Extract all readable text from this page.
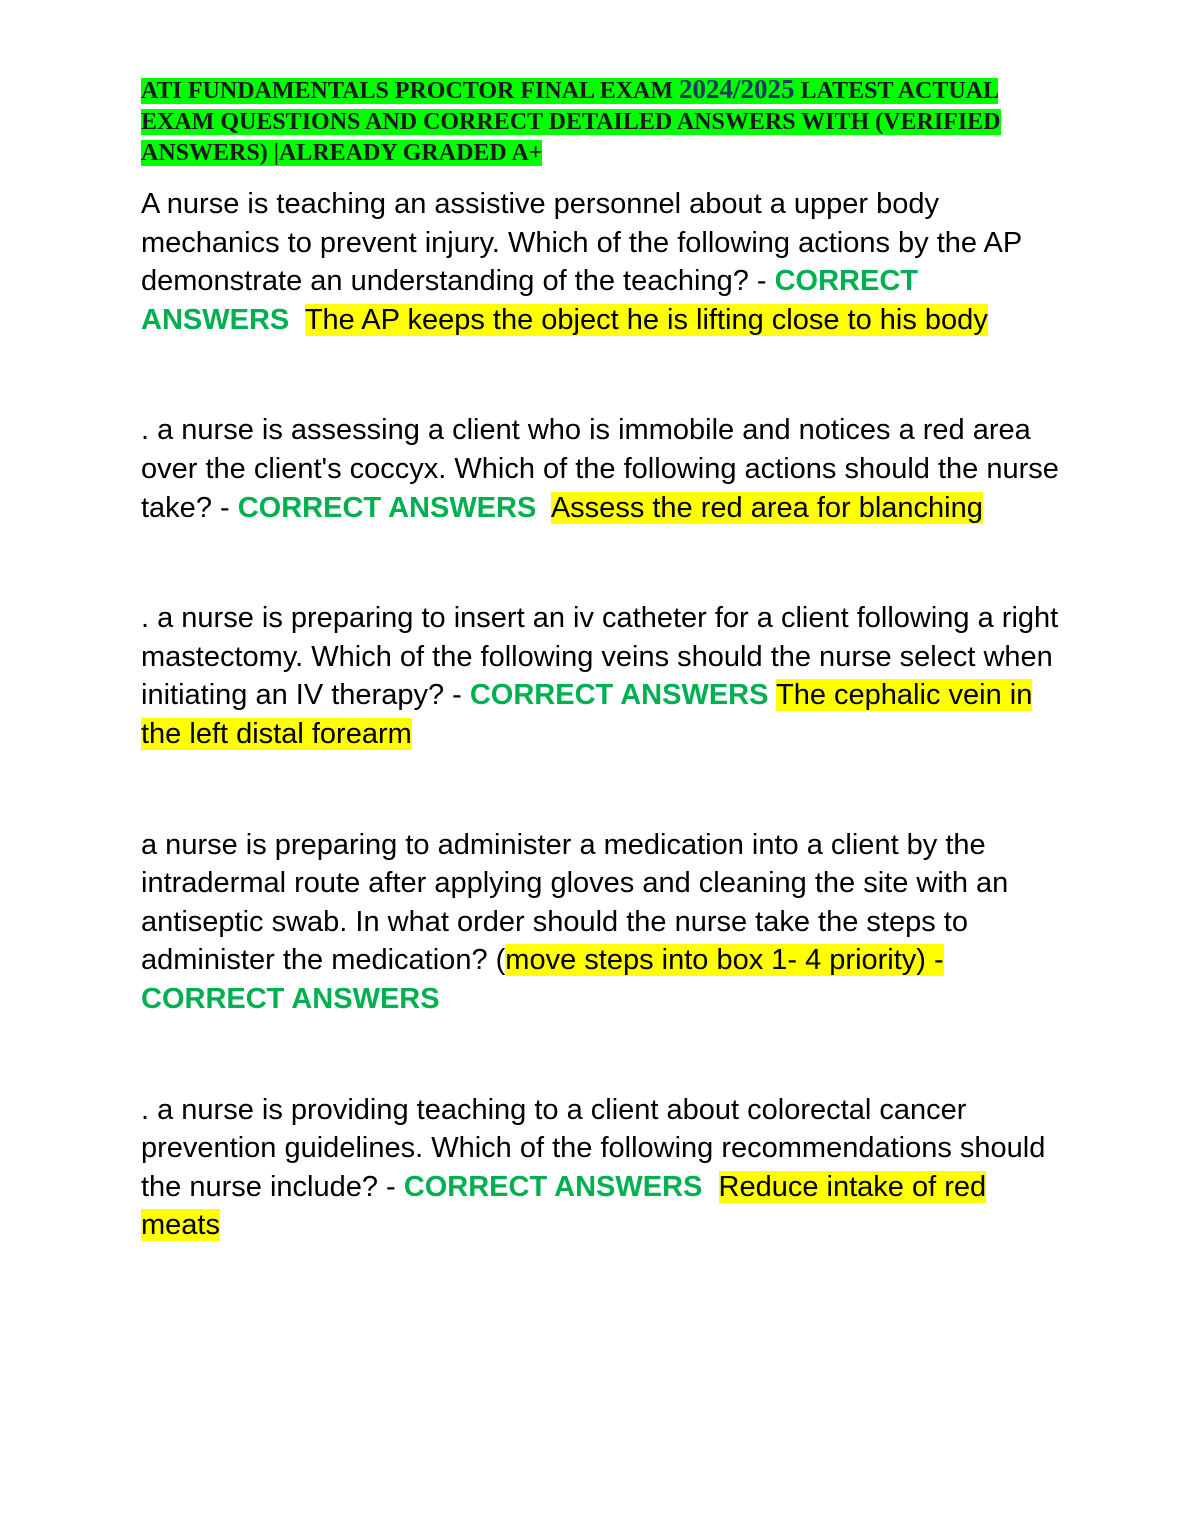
ATI FUNDAMENTALS PROCTOR FINAL EXAM 2024/2025 LATEST ACTUAL EXAM QUESTIONS AND CORRECT DETAILED ANSWERS WITH (VERIFIED ANSWERS) |ALREADY GRADED A+

A nurse is teaching an assistive personnel about a upper body mechanics to prevent injury. Which of the following actions by the AP demonstrate an understanding of the teaching? - CORRECT ANSWERS The AP keeps the object he is lifting close to his body

. a nurse is assessing a client who is immobile and notices a red area over the client's coccyx. Which of the following actions should the nurse take? - CORRECT ANSWERS Assess the red area for blanching

. a nurse is preparing to insert an iv catheter for a client following a right mastectomy. Which of the following veins should the nurse select when initiating an IV therapy? - CORRECT ANSWERS The cephalic vein in the left distal forearm

a nurse is preparing to administer a medication into a client by the intradermal route after applying gloves and cleaning the site with an antiseptic swab. In what order should the nurse take the steps to administer the medication? (move steps into box 1- 4 priority) - CORRECT ANSWERS

. a nurse is providing teaching to a client about colorectal cancer prevention guidelines. Which of the following recommendations should the nurse include? - CORRECT ANSWERS Reduce intake of red meats
